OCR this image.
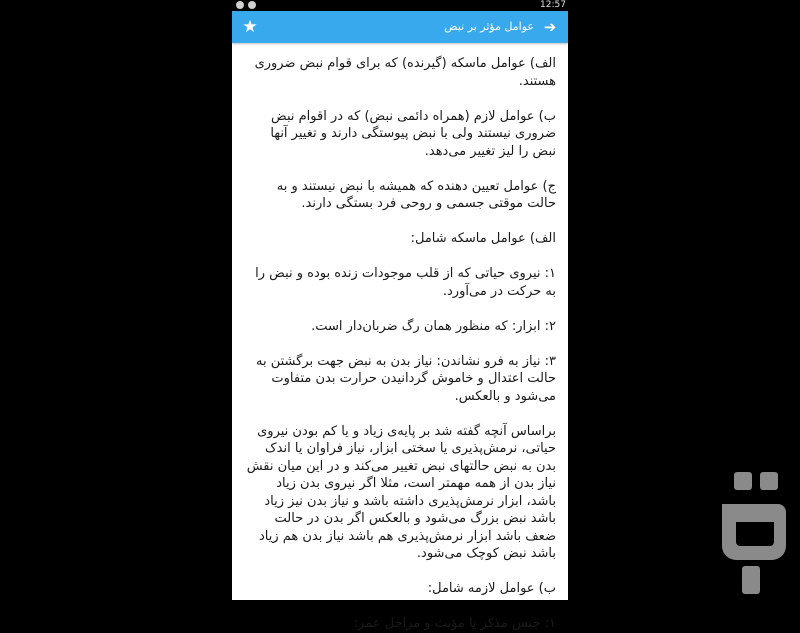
12:57
★	عوامل مؤثر بر نبض ➔

الف) عوامل ماسکه (گیرنده) که برای قوام نبض ضروری هستند.

ب) عوامل لازم (همراه دائمی نبض) که در اقوام نبض ضروری نیستند ولی با نبض پیوستگی دارند و تغییر آنها نبض را لیز تغییر می‌دهد.

ج) عوامل تعیین دهنده که همیشه با نبض نیستند و به حالت موقتی جسمی و روحی فرد بستگی دارند.

الف) عوامل ماسکه شامل:

۱: نیروی حیاتی که از قلب موجودات زنده بوده و نبض را به حرکت در می‌آورد.

۲: ابزار: که منظور همان رگ ضربان‌دار است.

۳: نیاز به فرو نشاندن: نیاز بدن به نبض جهت برگشتن به حالت اعتدال و خاموش گردانیدن حرارت بدن متفاوت می‌شود و بالعکس.

براساس آنچه گفته شد بر پایه‌ی زیاد و یا کم بودن نیروی حیاتی، نرمش‌پذیری یا سختی ابزار، نیاز فراوان یا اندک بدن به نبض حالتهای نبض تغییر می‌کند و در این میان نقش نیاز بدن از همه مهمتر است، مثلا اگر نیروی بدن زیاد باشد، ابزار نرمش‌پذیری داشته باشد و نیاز بدن نیز زیاد باشد نبض بزرگ می‌شود و بالعکس اگر بدن در حالت ضعف باشد ابزار نرمش‌پذیری هم باشد نیاز بدن هم زیاد باشد نبض کوچک می‌شود.

ب) عوامل لازمه شامل:

۱: جنس مذکر یا مؤنث و مراحل عمر:
